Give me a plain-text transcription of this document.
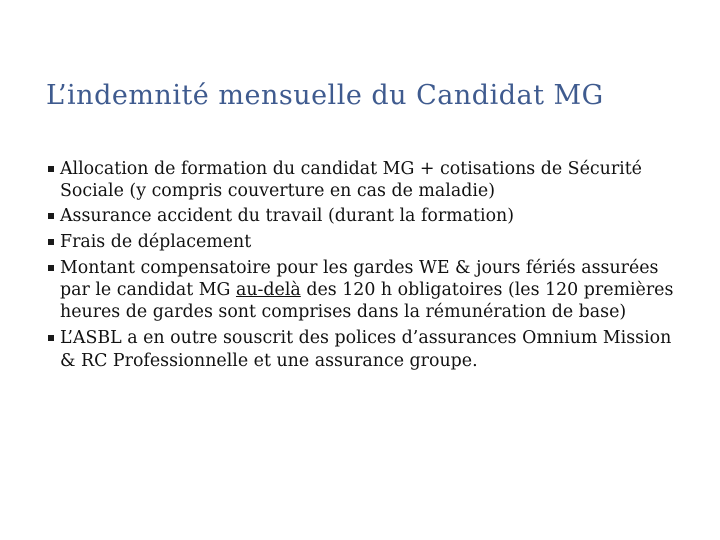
L’indemnité mensuelle du Candidat MG
Allocation de formation du candidat MG + cotisations de Sécurité Sociale (y compris couverture en cas de maladie)
Assurance accident du travail (durant la formation)
Frais de déplacement
Montant compensatoire pour les gardes WE & jours fériés assurées par le candidat MG au-delà des 120 h obligatoires (les 120 premières heures de gardes sont comprises dans la rémunération de base)
L’ASBL a en outre souscrit des polices d’assurances Omnium Mission & RC Professionnelle et une assurance groupe.
